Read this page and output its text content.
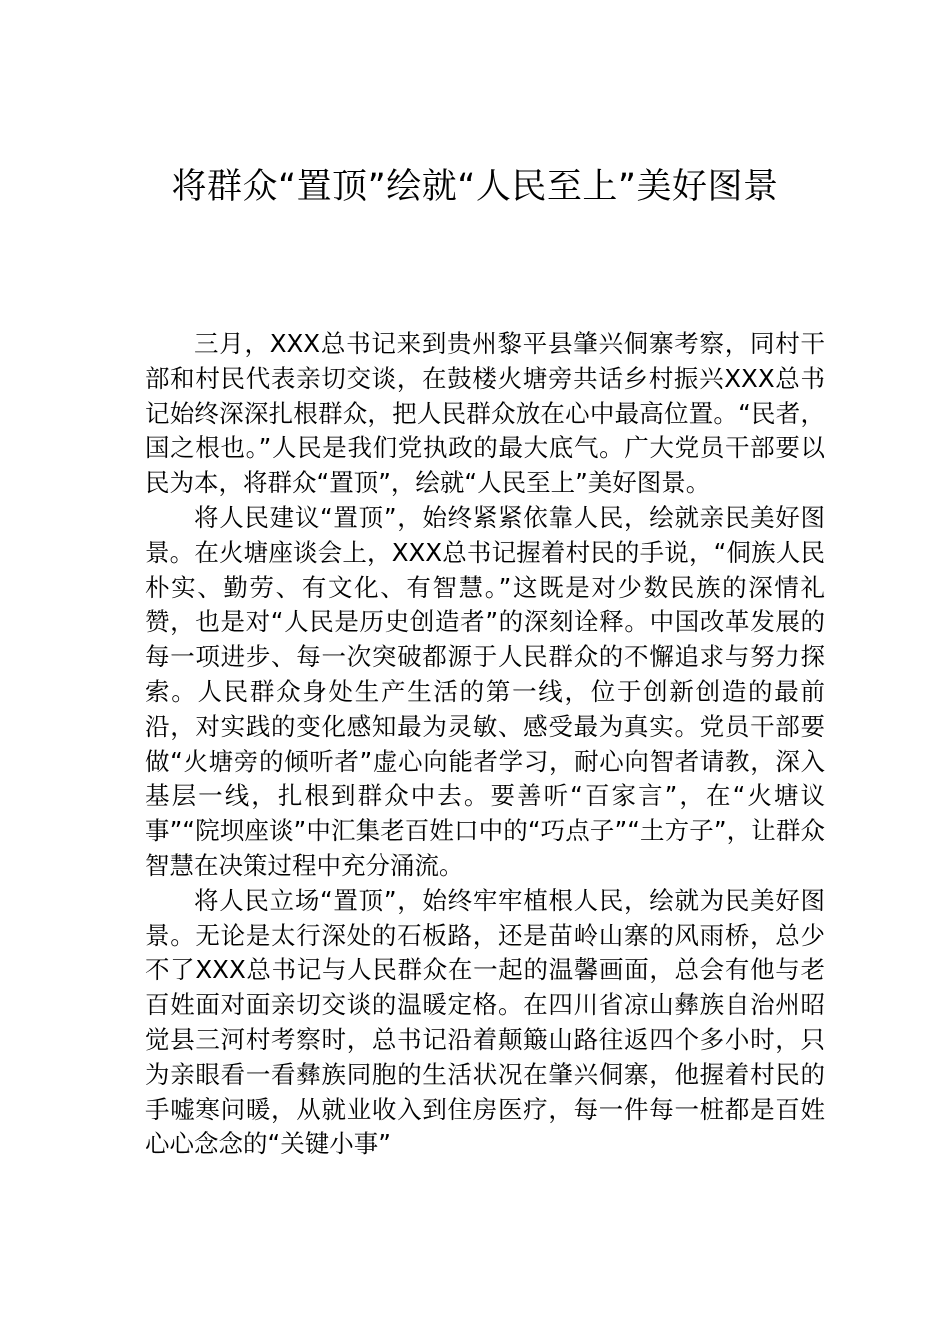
将群众“置顶”绘就“人民至上”美好图景

三月，XXX总书记来到贵州黎平县肇兴侗寨考察，同村干部和村民代表亲切交谈，在鼓楼火塘旁共话乡村振兴XXX总书记始终深深扎根群众，把人民群众放在心中最高位置。“民者，国之根也。”人民是我们党执政的最大底气。广大党员干部要以民为本，将群众“置顶”，绘就“人民至上”美好图景。

将人民建议“置顶”，始终紧紧依靠人民，绘就亲民美好图景。在火塘座谈会上，XXX总书记握着村民的手说，“侗族人民朴实、勤劳、有文化、有智慧。”这既是对少数民族的深情礼赞，也是对“人民是历史创造者”的深刻诠释。中国改革发展的每一项进步、每一次突破都源于人民群众的不懈追求与努力探索。人民群众身处生产生活的第一线，位于创新创造的最前沿，对实践的变化感知最为灵敏、感受最为真实。党员干部要做“火塘旁的倾听者”虚心向能者学习，耐心向智者请教，深入基层一线，扎根到群众中去。要善听“百家言”，在“火塘议事”“院坝座谈”中汇集老百姓口中的“巧点子”“土方子”，让群众智慧在决策过程中充分涌流。

将人民立场“置顶”，始终牢牢植根人民，绘就为民美好图景。无论是太行深处的石板路，还是苗岭山寨的风雨桥，总少不了XXX总书记与人民群众在一起的温馨画面，总会有他与老百姓面对面亲切交谈的温暖定格。在四川省凉山彝族自治州昭觉县三河村考察时，总书记沿着颠簸山路往返四个多小时，只为亲眼看一看彝族同胞的生活状况在肇兴侗寨，他握着村民的手嘘寒问暖，从就业收入到住房医疗，每一件每一桩都是百姓心心念念的“关键小事”
